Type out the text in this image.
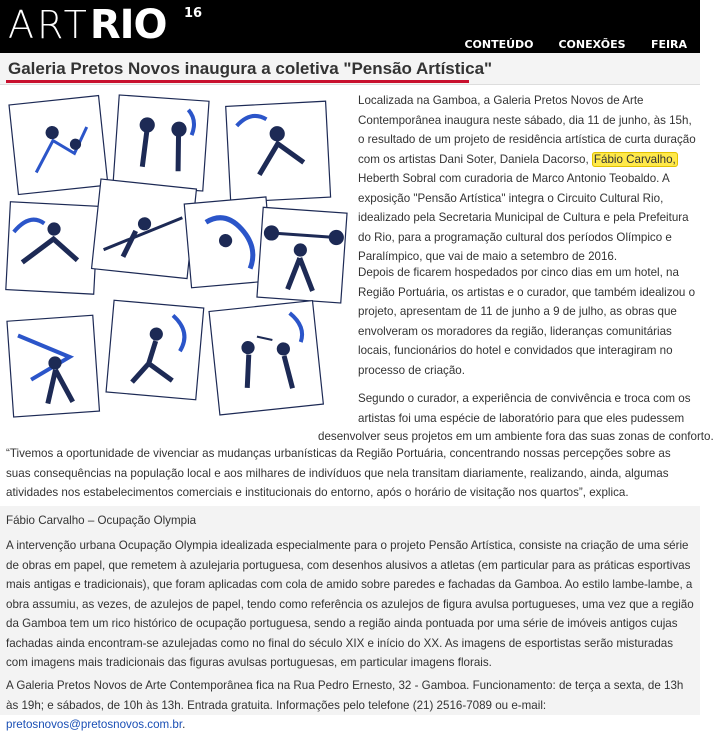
ARTRIO 16
CONTEÚDO	CONEXÕES	FEIRA
Galeria Pretos Novos inaugura a coletiva "Pensão Artística"
Localizada na Gamboa, a Galeria Pretos Novos de Arte Contemporânea inaugura neste sábado, dia 11 de junho, às 15h, o resultado de um projeto de residência artística de curta duração com os artistas Dani Soter, Daniela Dacorso, Fábio Carvalho, Heberth Sobral com curadoria de Marco Antonio Teobaldo. A exposição "Pensão Artística" integra o Circuito Cultural Rio, idealizado pela Secretaria Municipal de Cultura e pela Prefeitura do Rio, para a programação cultural dos períodos Olímpico e Paralímpico, que vai de maio a setembro de 2016.
Depois de ficarem hospedados por cinco dias em um hotel, na Região Portuária, os artistas e o curador, que também idealizou o projeto, apresentam de 11 de junho a 9 de julho, as obras que envolveram os moradores da região, lideranças comunitárias locais, funcionários do hotel e convidados que interagiram no processo de criação.
Segundo o curador, a experiência de convivência e troca com os artistas foi uma espécie de laboratório para que eles pudessem
desenvolver seus projetos em um ambiente fora das suas zonas de conforto.
“Tivemos a oportunidade de vivenciar as mudanças urbanísticas da Região Portuária, concentrando nossas percepções sobre as suas consequências na população local e aos milhares de indivíduos que nela transitam diariamente, realizando, ainda, algumas atividades nos estabelecimentos comerciais e institucionais do entorno, após o horário de visitação nos quartos”, explica.
Fábio Carvalho – Ocupação Olympia
A intervenção urbana Ocupação Olympia idealizada especialmente para o projeto Pensão Artística, consiste na criação de uma série de obras em papel, que remetem à azulejaria portuguesa, com desenhos alusivos a atletas (em particular para as práticas esportivas mais antigas e tradicionais), que foram aplicadas com cola de amido sobre paredes e fachadas da Gamboa. Ao estilo lambe-lambe, a obra assumiu, as vezes, de azulejos de papel, tendo como referência os azulejos de figura avulsa portugueses, uma vez que a região da Gamboa tem um rico histórico de ocupação portuguesa, sendo a região ainda pontuada por uma série de imóveis antigos cujas fachadas ainda encontram-se azulejadas como no final do século XIX e início do XX. As imagens de esportistas serão misturadas com imagens mais tradicionais das figuras avulsas portuguesas, em particular imagens florais.
A Galeria Pretos Novos de Arte Contemporânea fica na Rua Pedro Ernesto, 32 - Gamboa. Funcionamento: de terça a sexta, de 13h às 19h; e sábados, de 10h às 13h. Entrada gratuita. Informações pelo telefone (21) 2516-7089 ou e-mail: pretosnovos@pretosnovos.com.br.
